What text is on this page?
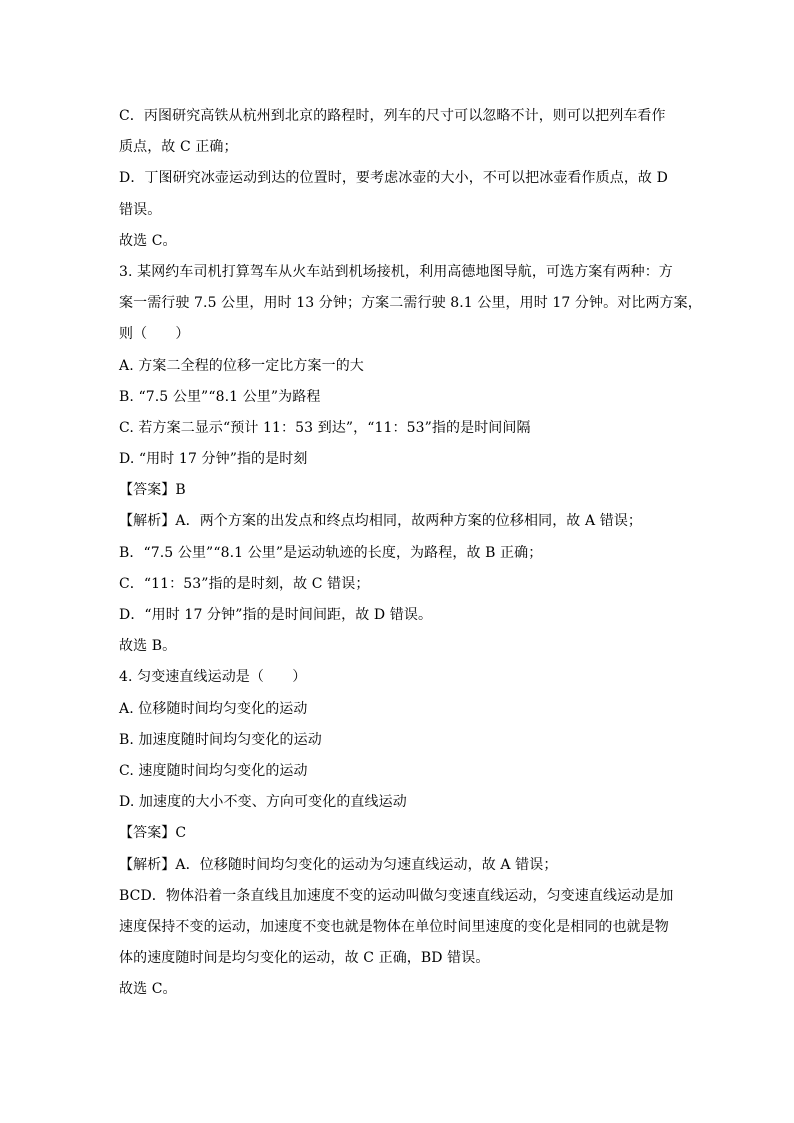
C．丙图研究高铁从杭州到北京的路程时，列车的尺寸可以忽略不计，则可以把列车看作
质点，故 C 正确；
D．丁图研究冰壶运动到达的位置时，要考虑冰壶的大小，不可以把冰壶看作质点，故 D
错误。
故选 C。
3. 某网约车司机打算驾车从火车站到机场接机，利用高德地图导航，可选方案有两种：方
案一需行驶 7.5 公里，用时 13 分钟；方案二需行驶 8.1 公里，用时 17 分钟。对比两方案，
则（　　）
A. 方案二全程的位移一定比方案一的大
B. “7.5 公里”“8.1 公里”为路程
C. 若方案二显示“预计 11：53 到达”，“11：53”指的是时间间隔
D. “用时 17 分钟”指的是时刻
【答案】B
【解析】A．两个方案的出发点和终点均相同，故两种方案的位移相同，故 A 错误；
B．“7.5 公里”“8.1 公里”是运动轨迹的长度，为路程，故 B 正确；
C．“11：53”指的是时刻，故 C 错误；
D．“用时 17 分钟”指的是时间间距，故 D 错误。
故选 B。
4. 匀变速直线运动是（　　）
A. 位移随时间均匀变化的运动
B. 加速度随时间均匀变化的运动
C. 速度随时间均匀变化的运动
D. 加速度的大小不变、方向可变化的直线运动
【答案】C
【解析】A．位移随时间均匀变化的运动为匀速直线运动，故 A 错误；
BCD．物体沿着一条直线且加速度不变的运动叫做匀变速直线运动，匀变速直线运动是加
速度保持不变的运动，加速度不变也就是物体在单位时间里速度的变化是相同的也就是物
体的速度随时间是均匀变化的运动，故 C 正确，BD 错误。
故选 C。
